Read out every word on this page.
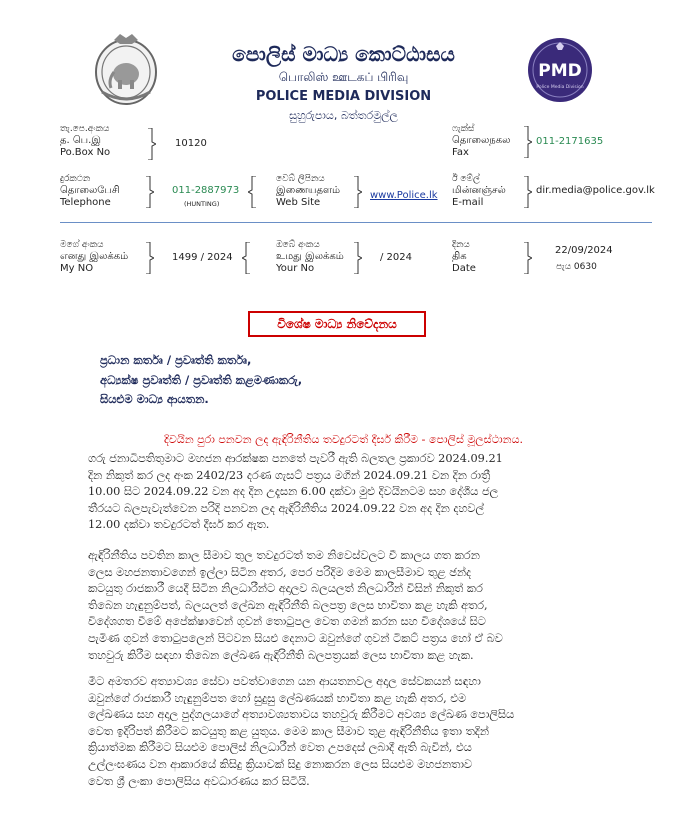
PMD
Police Media Division
පොලිස් මාධ්‍ය කොට්ඨාසය
பொலிஸ் ஊடகப் பிரிவு
POLICE MEDIA DIVISION
සුහුරුපාය, බත්තරමුල්ල
තැ.පෙ.අංකය
த. பெ.இ
Po.Box No
10120
ෆැක්ස්
தொலைநகல
Fax
011-2171635
දුරකථන
தொலைபேசி
Telephone
011-2887973
(HUNTING)
වෙබ් ලිපිනය
இணையதளம்
Web Site
www.Police.lk
ඊ මේල්
மின்னஞ்சல்
E-mail
dir.media@police.gov.lk
මගේ අංකය
எனது இலக்கம்
My NO
1499 / 2024
ඔබේ අංකය
உமது இலக்கம்
Your No
/ 2024
දිනය
திக
Date
22/09/2024
පැය 0630
විශේෂ මාධ්‍ය නිවේදනය
ප්‍රධාන කර්තෘ / ප්‍රවෘත්ති කර්තෘ,
අධ්‍යක්ෂ ප්‍රවෘත්ති / ප්‍රවෘත්ති කළමණාකරු,
සියළුම මාධ්‍ය ආයතන.
දිවයින පුරා පනවන ලද ඇඳිරිනීතිය තවදුරටත් දීර්ඝ කිරීම - පොලිස් මූලස්ථානය.
ගරු ජනාධිපතිතුමාට මහජන ආරක්ෂක පනතේ පැවරී ඇති බලතල ප්‍රකාරව 2024.09.21
දින නිකුත් කර ලද අංක 2402/23 දරණ ගැසට් පත්‍රය මගින් 2024.09.21 වන දින රාත්‍රී
10.00 සිට 2024.09.22 වන අද දින උදෑසන 6.00 දක්වා මුළු දිවයිනටම සහ දේශීය ජල
තීරයට බලපැවැත්වෙන පරිදි පනවන ලද ඇඳිරිනීතිය 2024.09.22 වන අද දින දහවල්
12.00 දක්වා තවදුරටත් දීර්ඝ කර ඇත.
ඇඳිරිනීතිය පවතින කාල සීමාව තුල තවදුරටත් තම නිවෙස්වලට වී කාලය ගත කරන
ලෙස මහජනතාවගෙන් ඉල්ලා සිටින අතර, පෙර පරිදිම මෙම කාලසීමාව තුළ ඡන්ද
කටයුතු රාජකාරී යෙදී සිටින නිලධාරීන්ට අදාලව බලයලත් නිලධාරීන් විසින් නිකුත් කර
තිබෙන හැඳුනුම්පත්, බලයලත් ලේඛන ඇඳිරිනීති බලපත්‍ර ලෙස භාවිතා කළ හැකි අතර,
විදේශගත වීමේ අපේක්ෂාවෙන් ගුවන් තොටුපල වෙත ගමන් කරන සහ විදේශයේ සිට
පැමිණ ගුවන් තොටුපලෙන් පිටවන සියළු දෙනාට ඔවුන්ගේ ගුවන් ටිකට් පත්‍රය හෝ ඒ බව
තහවුරු කිරීම සඳහා තිබෙන ලේඛණ ඇඳිරිනීති බලපත්‍රයක් ලෙස භාවිතා කළ හැක.
මීට අමතරව අත්‍යාවශ්‍ය සේවා පවත්වාගෙන යන ආයතනවල අදාල සේවකයන් සඳහා
ඔවුන්ගේ රාජකාරී හැඳුනුම්පත හෝ සුදුසු ලේඛණයක් භාවිතා කළ හැකි අතර, එම
ලේඛණය සහ අදාල පුද්ගලයාගේ අත්‍යාවශ්‍යතාවය තහවුරු කිරීමට අවශ්‍ය ලේඛණ පොලිසිය
වෙත ඉදිරිපත් කිරීමට කටයුතු කළ යුතුය. මෙම කාල සීමාව තුළ ඇඳිරිනීතිය ඉතා තදින්
ක්‍රියාත්මක කිරීමට සියළුම පොලිස් නිලධාරීන් වෙත උපදෙස් ලබාදී ඇති බැවින්, එය
උල්ලංඝණය වන ආකාරයේ කිසිදු ක්‍රියාවක් සිදු නොකරන ලෙස සියළුම මහජනතාව
වෙත ශ්‍රී ලංකා පොලිසිය අවධාරණය කර සිටියි.
